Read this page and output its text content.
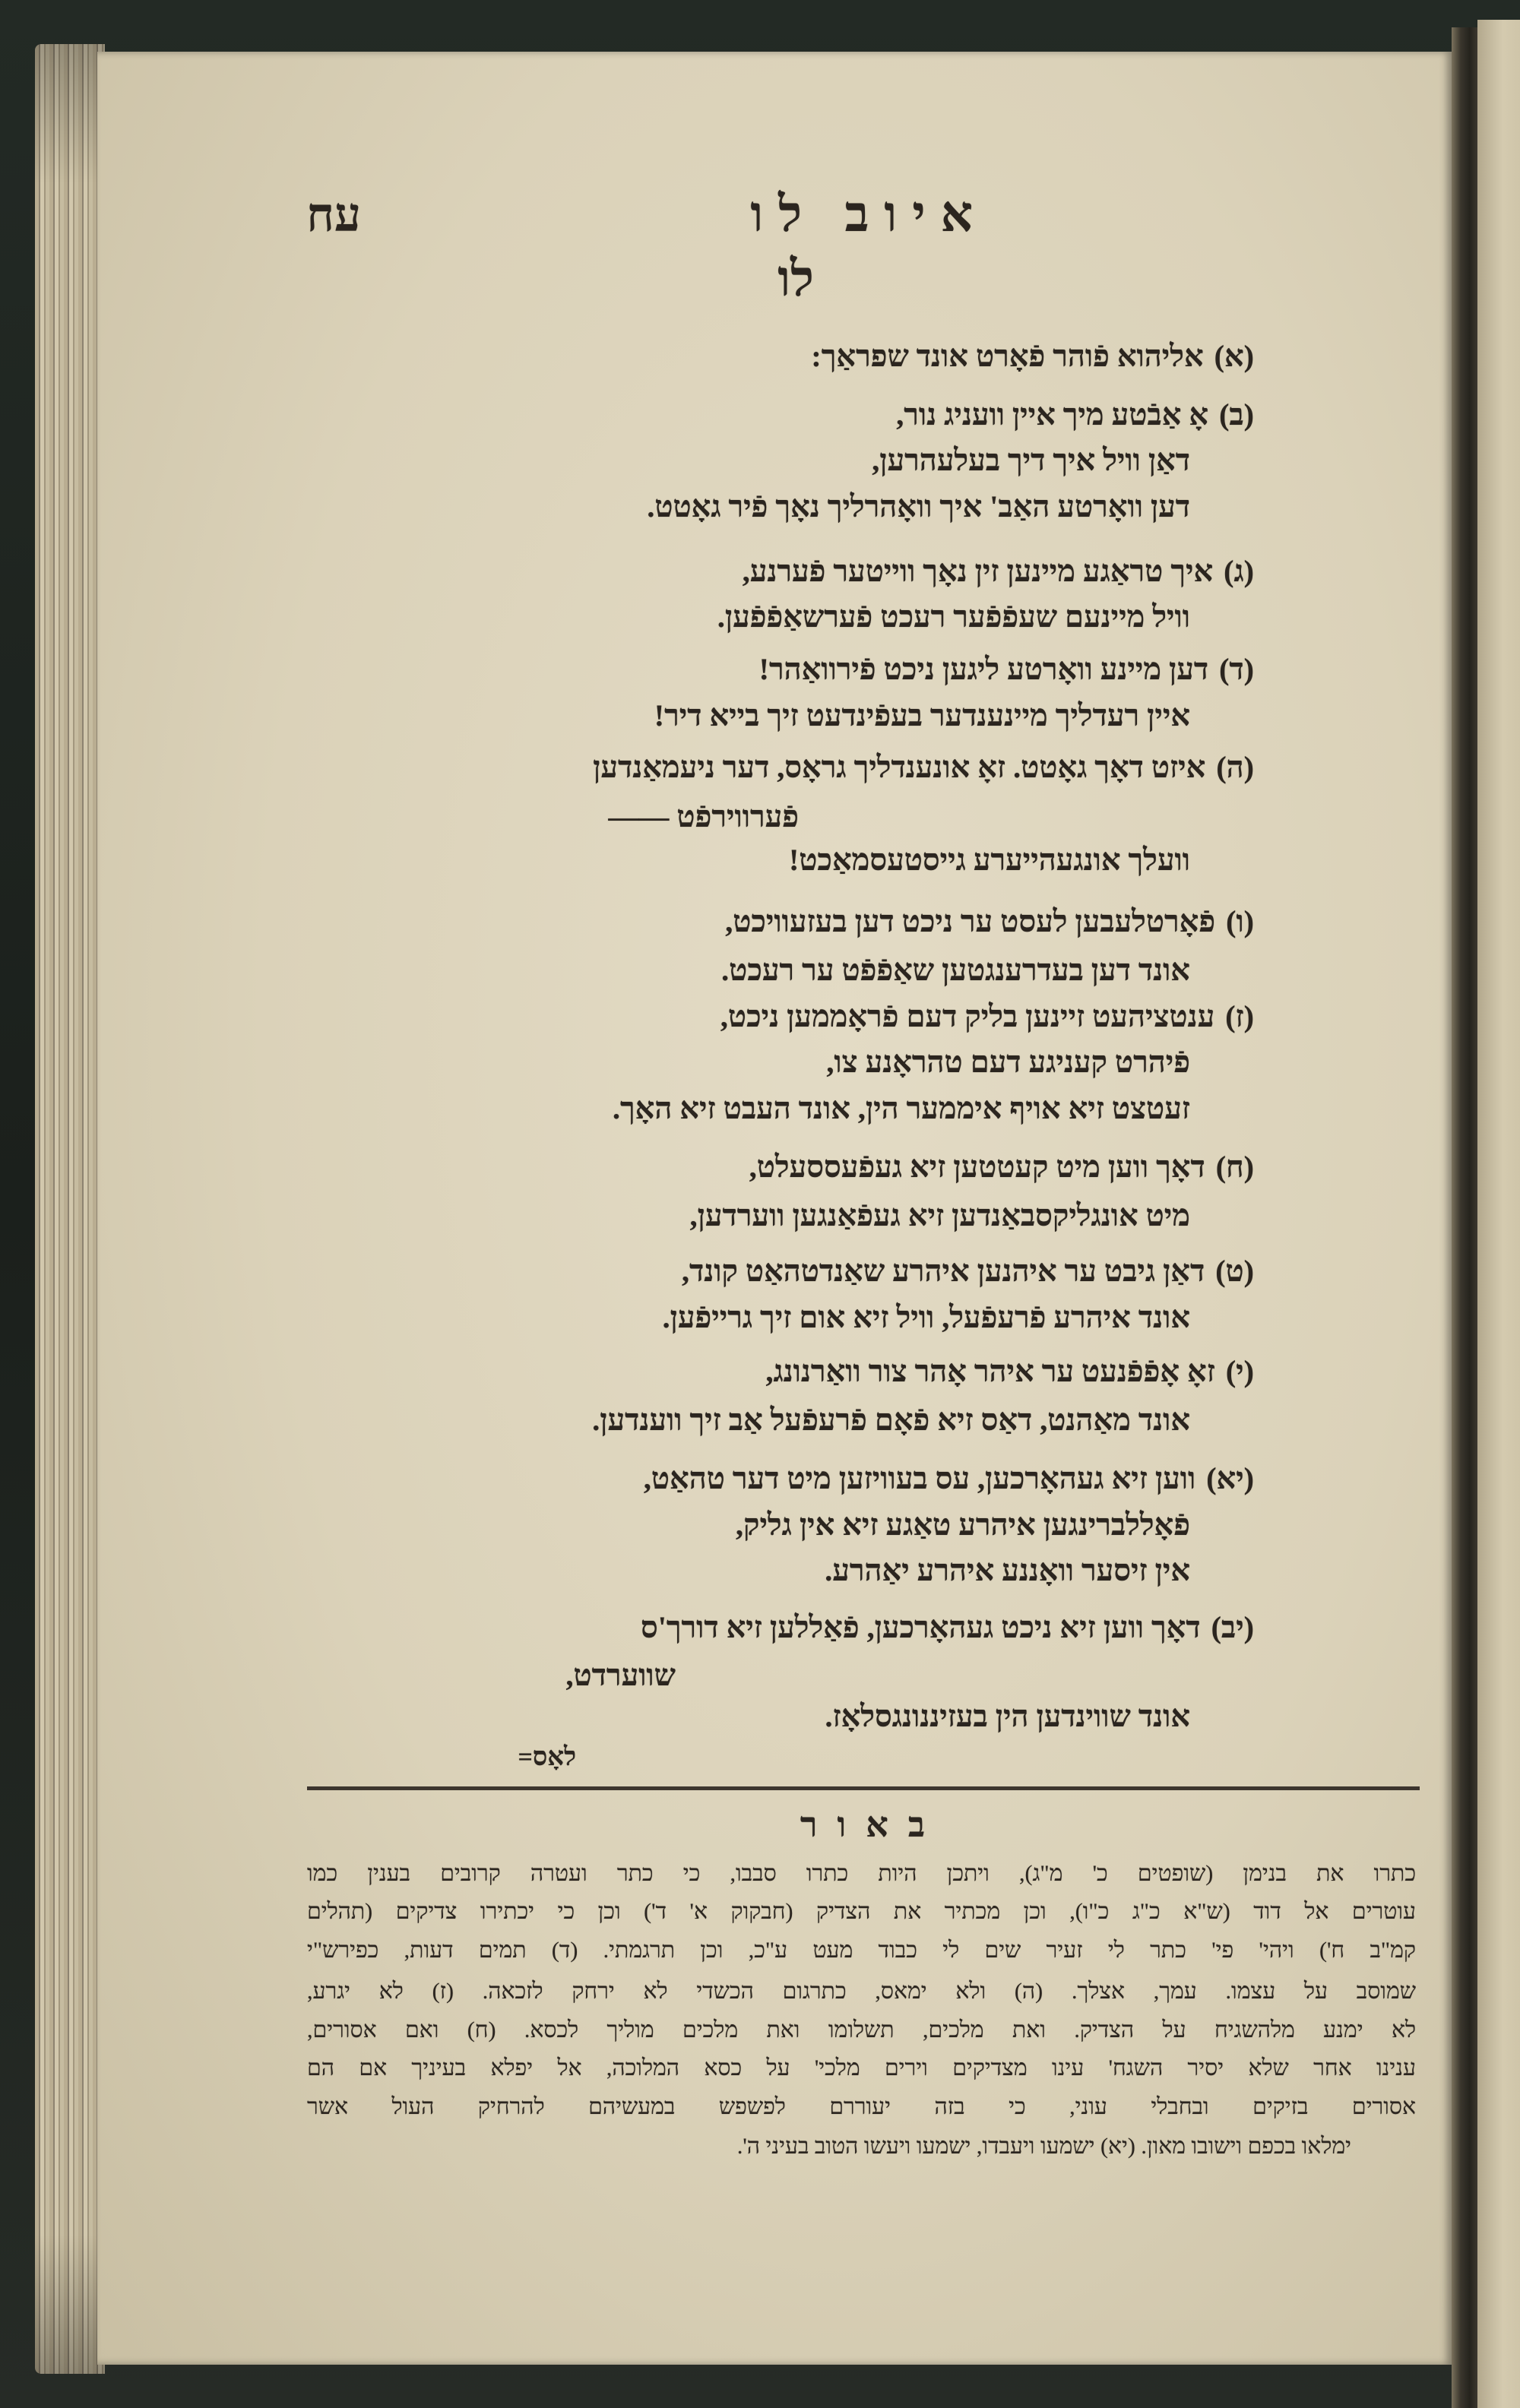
עח	איוב לו
לו
(א)אליהוא פֿוהר פֿאָרט אונד שפראַך:
(ב)אָ אַבֿטע מיך איין וועניג נור,
דאַן וויל איך דיך בעלעהרען,
דען וואָרטע האַב' איך וואָהרליך נאָך פֿיר גאָטט.
(ג)איך טראַגע מיינען זין נאָך ווייטער פֿערנע,
וויל מיינעם שעפֿפֿער רעכט פֿערשאַפֿפֿען.
(ד)דען מיינע וואָרטע ליגען ניכט פֿירוואַהר!
איין רעדליך מיינענדער בעפֿינדעט זיך בייא דיר!
(ה)איזט דאָך גאָטט. זאָ אונענדליך גראָס, דער ניעמאַנדען
פֿערווירפֿט ——
וועלך אונגעהייערע גייסטעסמאַכט!
(ו)פֿאָרטלעבען לעסט ער ניכט דען בעזעוויכט,
אונד דען בעדרענגטען שאַפֿפֿט ער רעכט.
(ז)ענטציהעט זיינען בליק דעם פֿראָממען ניכט,
פֿיהרט קעניגע דעם טהראָנע צו,
זעטצט זיא אויף איממער הין, אונד העבט זיא האָך.
(ח)דאָך ווען מיט קעטטען זיא געפֿעססעלט,
מיט אונגליקסבאַנדען זיא געפֿאַנגען ווערדען,
(ט)דאַן גיבט ער איהנען איהרע שאַנדטהאַט קונד,
אונד איהרע פֿרעפֿעל, וויל זיא אום זיך גרייפֿען.
(י)זאָ אָפֿפֿנעט ער איהר אָהר צור וואַרנונג,
אונד מאַהנט, דאַס זיא פֿאָם פֿרעפֿעל אַב זיך ווענדען.
(יא)ווען זיא געהאָרכען, עס בעוויזען מיט דער טהאַט,
פֿאָללברינגען איהרע טאַגע זיא אין גליק,
אין זיסער וואָננע איהרע יאַהרע.
(יב)דאָך ווען זיא ניכט געהאָרכען, פֿאַללען זיא דורך'ס
שווערדט,
אונד שווינדען הין בעזיננונגסלאָז.
לאָס=
באור
כתרו את בנימן (שופטים כ' מ"ג), ויתכן היות כתרו סבבו, כי כתר ועטרה קרובים בענין כמו
עוטרים אל דוד (ש"א כ"ג כ"ו), וכן מכתיר את הצדיק (חבקוק א' ד') וכן כי יכתירו צדיקים (תהלים
קמ"ב ח') ויהי' פי' כתר לי זעיר שים לי כבוד מעט ע"כ, וכן תרגמתי. (ד) תמים דעות, כפירש"י
שמוסב על עצמו. עמך, אצלך. (ה) ולא ימאס, כתרגום הכשדי לא ירחק לזכאה. (ז) לא יגרע,
לא ימנע מלהשגיח על הצדיק. ואת מלכים, תשלומו ואת מלכים מוליך לכסא. (ח) ואם אסורים,
ענינו אחר שלא יסיר השגח' עינו מצדיקים וירים מלכי' על כסא המלוכה, אל יפלא בעיניך אם הם
אסורים בזיקים ובחבלי עוני, כי בזה יעוררם לפשפש במעשיהם להרחיק העול אשר
ימלאו בכפם וישובו מאון. (יא) ישמעו ויעבדו, ישמעו ויעשו הטוב בעיני ה'.
